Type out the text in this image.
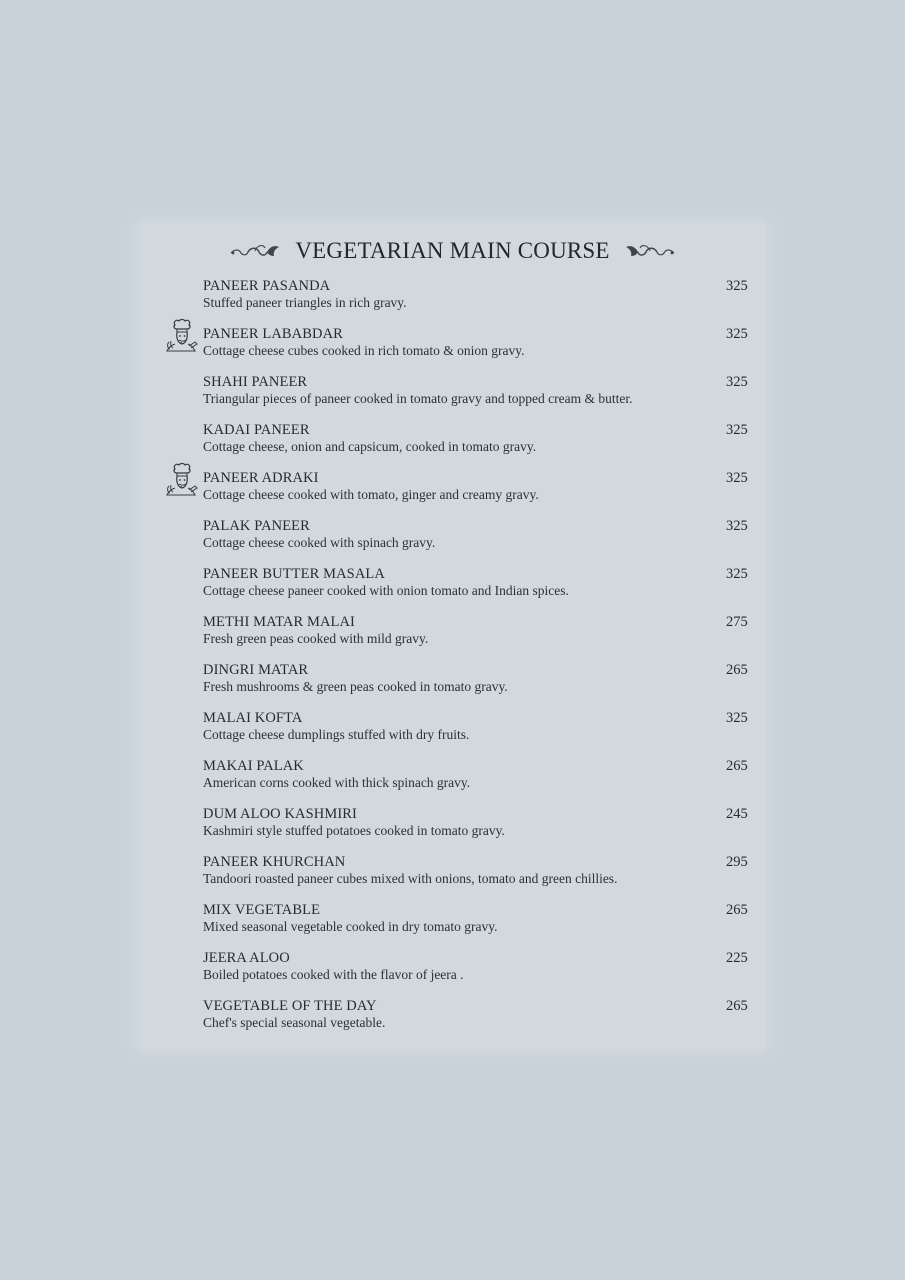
VEGETARIAN MAIN COURSE
PANEER PASANDA
Stuffed paneer triangles in rich gravy.
325
PANEER LABABDAR
Cottage cheese cubes cooked in rich tomato & onion gravy.
325
SHAHI PANEER
Triangular pieces of paneer cooked in tomato gravy and topped cream & butter.
325
KADAI PANEER
Cottage cheese, onion and capsicum, cooked in tomato gravy.
325
PANEER ADRAKI
Cottage cheese cooked with tomato, ginger and creamy gravy.
325
PALAK PANEER
Cottage cheese cooked with spinach gravy.
325
PANEER BUTTER MASALA
Cottage cheese paneer cooked with onion tomato and Indian spices.
325
METHI MATAR MALAI
Fresh green peas cooked with mild gravy.
275
DINGRI MATAR
Fresh mushrooms & green peas cooked in tomato gravy.
265
MALAI KOFTA
Cottage cheese dumplings stuffed with dry fruits.
325
MAKAI PALAK
American corns cooked with thick spinach gravy.
265
DUM ALOO KASHMIRI
Kashmiri style stuffed potatoes cooked in tomato gravy.
245
PANEER KHURCHAN
Tandoori roasted paneer cubes mixed with onions, tomato and green chillies.
295
MIX VEGETABLE
Mixed seasonal vegetable cooked in dry tomato gravy.
265
JEERA ALOO
Boiled potatoes cooked with the flavor of jeera .
225
VEGETABLE OF THE DAY
Chef's special seasonal vegetable.
265
